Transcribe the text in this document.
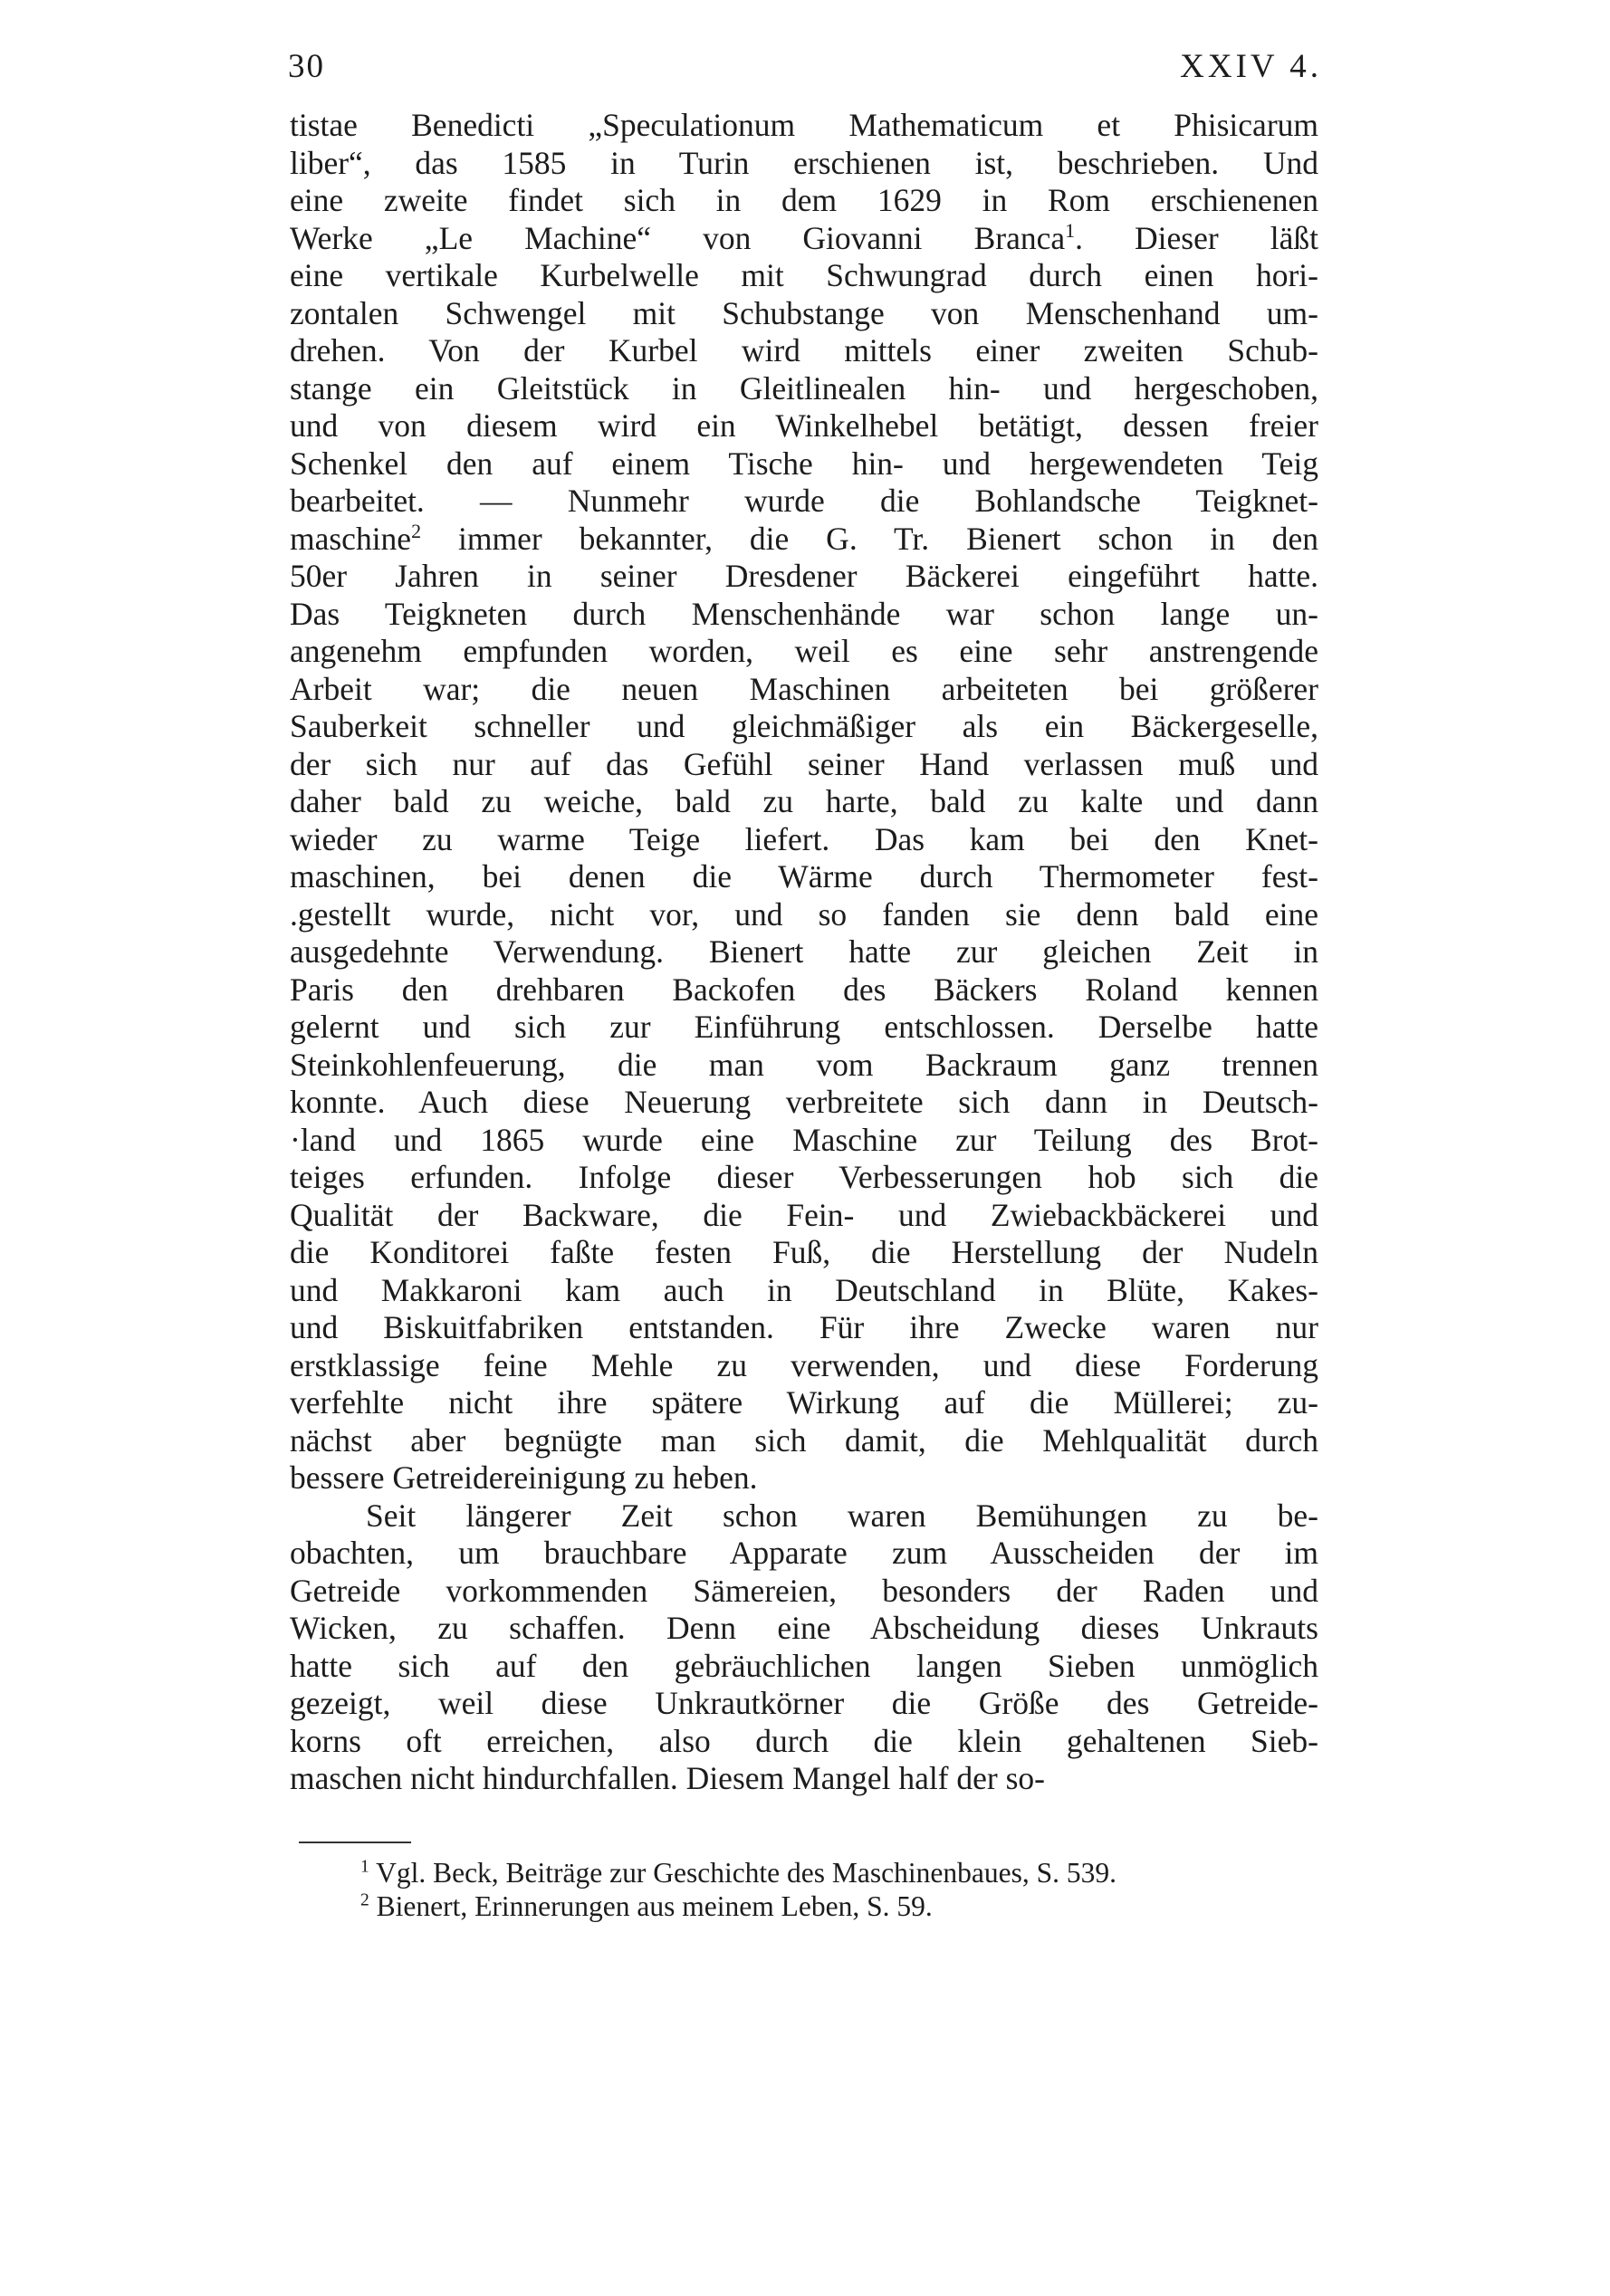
30	XXIV 4.
tistae Benedicti „Speculationum Mathematicum et Phisicarum
liber“, das 1585 in Turin erschienen ist, beschrieben. Und
eine zweite findet sich in dem 1629 in Rom erschienenen
Werke „Le Machine“ von Giovanni Branca$^1$. Dieser läßt
eine vertikale Kurbelwelle mit Schwungrad durch einen hori-
zontalen Schwengel mit Schubstange von Menschenhand um-
drehen. Von der Kurbel wird mittels einer zweiten Schub-
stange ein Gleitstück in Gleitlinealen hin- und hergeschoben,
und von diesem wird ein Winkelhebel betätigt, dessen freier
Schenkel den auf einem Tische hin- und hergewendeten Teig
bearbeitet. — Nunmehr wurde die Bohlandsche Teigknet-
maschine$^2$ immer bekannter, die G. Tr. Bienert schon in den
50er Jahren in seiner Dresdener Bäckerei eingeführt hatte.
Das Teigkneten durch Menschenhände war schon lange un-
angenehm empfunden worden, weil es eine sehr anstrengende
Arbeit war; die neuen Maschinen arbeiteten bei größerer
Sauberkeit schneller und gleichmäßiger als ein Bäckergeselle,
der sich nur auf das Gefühl seiner Hand verlassen muß und
daher bald zu weiche, bald zu harte, bald zu kalte und dann
wieder zu warme Teige liefert. Das kam bei den Knet-
maschinen, bei denen die Wärme durch Thermometer fest-
.gestellt wurde, nicht vor, und so fanden sie denn bald eine
ausgedehnte Verwendung. Bienert hatte zur gleichen Zeit in
Paris den drehbaren Backofen des Bäckers Roland kennen
gelernt und sich zur Einführung entschlossen. Derselbe hatte
Steinkohlenfeuerung, die man vom Backraum ganz trennen
konnte. Auch diese Neuerung verbreitete sich dann in Deutsch-
·land und 1865 wurde eine Maschine zur Teilung des Brot-
teiges erfunden. Infolge dieser Verbesserungen hob sich die
Qualität der Backware, die Fein- und Zwiebackbäckerei und
die Konditorei faßte festen Fuß, die Herstellung der Nudeln
und Makkaroni kam auch in Deutschland in Blüte, Kakes-
und Biskuitfabriken entstanden. Für ihre Zwecke waren nur
erstklassige feine Mehle zu verwenden, und diese Forderung
verfehlte nicht ihre spätere Wirkung auf die Müllerei; zu-
nächst aber begnügte man sich damit, die Mehlqualität durch
bessere Getreidereinigung zu heben.
Seit längerer Zeit schon waren Bemühungen zu be-
obachten, um brauchbare Apparate zum Ausscheiden der im
Getreide vorkommenden Sämereien, besonders der Raden und
Wicken, zu schaffen. Denn eine Abscheidung dieses Unkrauts
hatte sich auf den gebräuchlichen langen Sieben unmöglich
gezeigt, weil diese Unkrautkörner die Größe des Getreide-
korns oft erreichen, also durch die klein gehaltenen Sieb-
maschen nicht hindurchfallen. Diesem Mangel half der so-
$^1$ Vgl. Beck, Beiträge zur Geschichte des Maschinenbaues, S. 539.
$^2$ Bienert, Erinnerungen aus meinem Leben, S. 59.
